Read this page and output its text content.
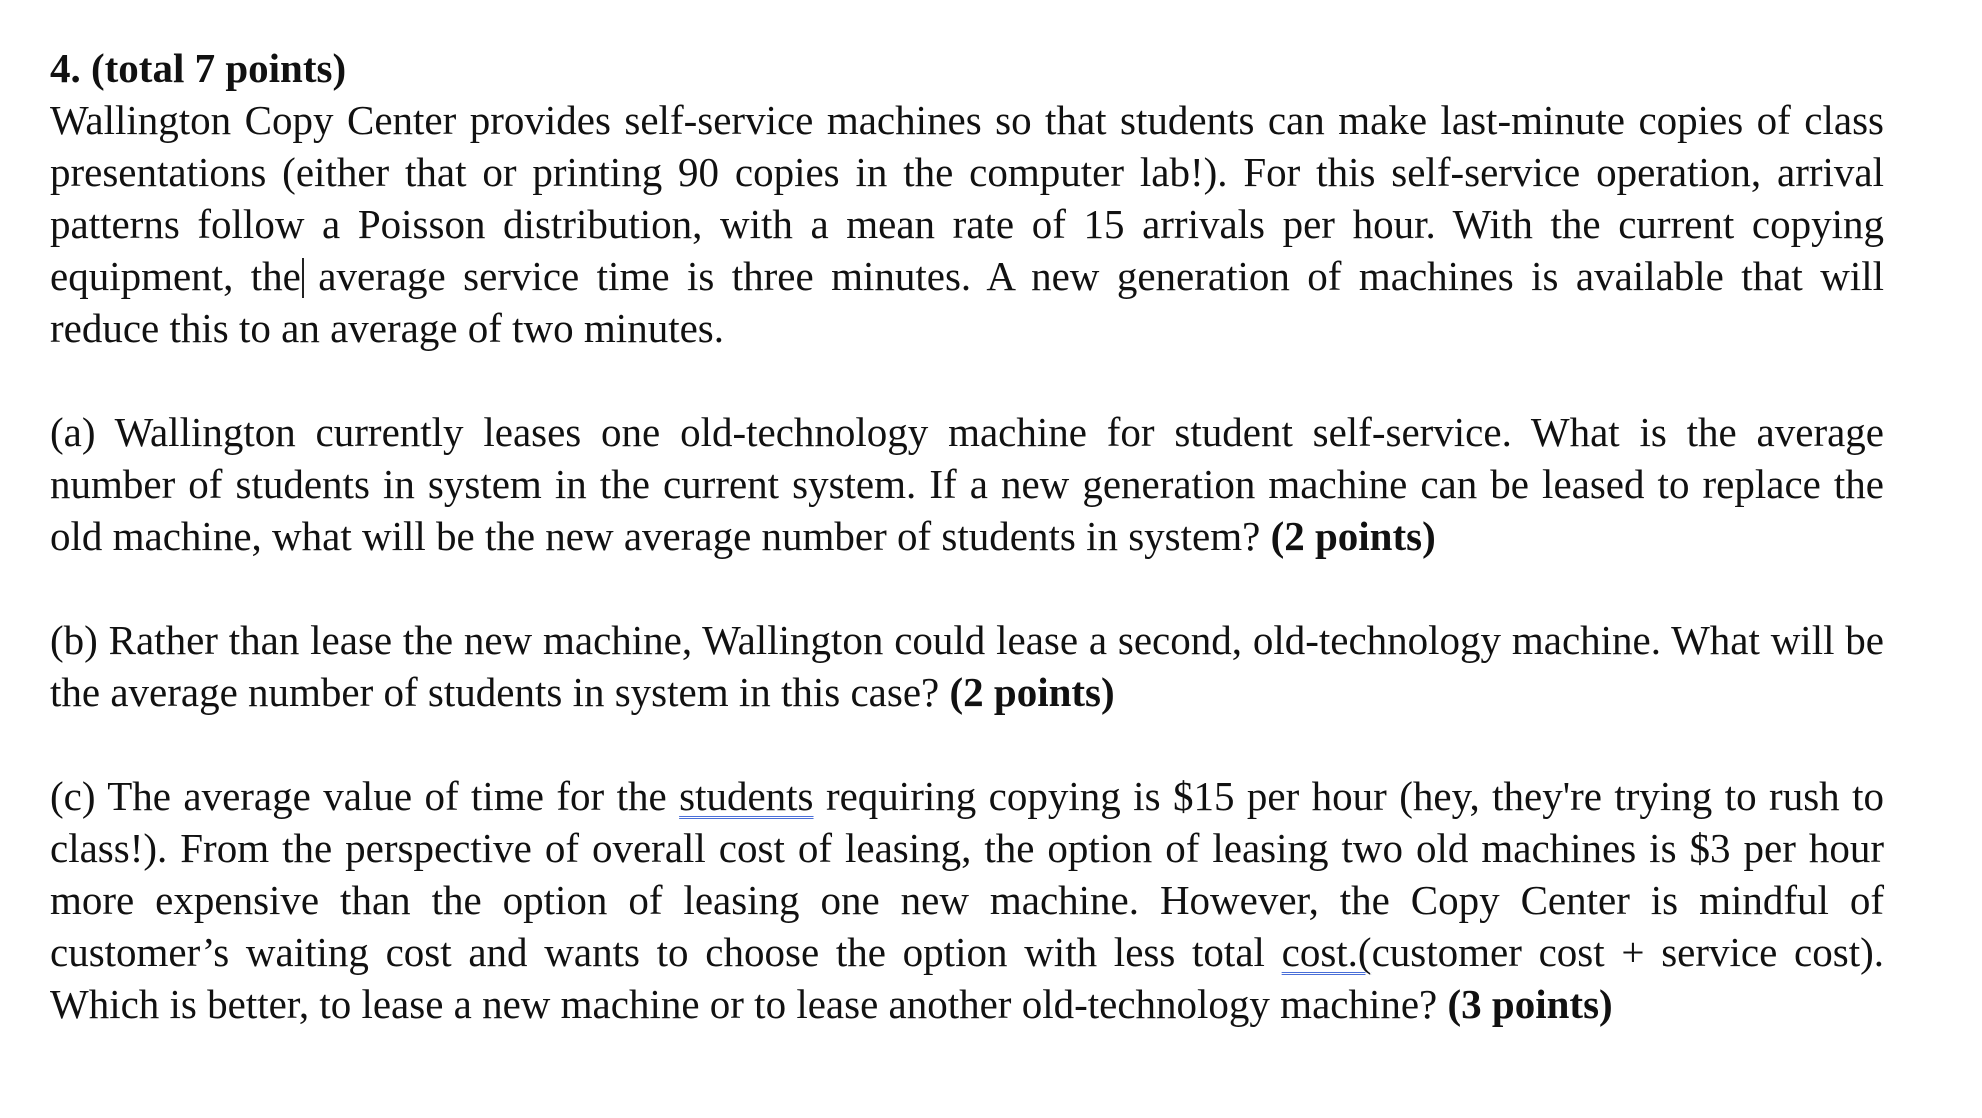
4. (total 7 points)

Wallington Copy Center provides self-service machines so that students can make last-minute copies of class presentations (either that or printing 90 copies in the computer lab!). For this self-service operation, arrival patterns follow a Poisson distribution, with a mean rate of 15 arrivals per hour. With the current copying equipment, the average service time is three minutes. A new generation of machines is available that will reduce this to an average of two minutes.

(a) Wallington currently leases one old-technology machine for student self-service. What is the average number of students in system in the current system. If a new generation machine can be leased to replace the old machine, what will be the new average number of students in system? (2 points)

(b) Rather than lease the new machine, Wallington could lease a second, old-technology machine. What will be the average number of students in system in this case? (2 points)

(c) The average value of time for the students requiring copying is $15 per hour (hey, they're trying to rush to class!). From the perspective of overall cost of leasing, the option of leasing two old machines is $3 per hour more expensive than the option of leasing one new machine. However, the Copy Center is mindful of customer’s waiting cost and wants to choose the option with less total cost.(customer cost + service cost). Which is better, to lease a new machine or to lease another old-technology machine? (3 points)
